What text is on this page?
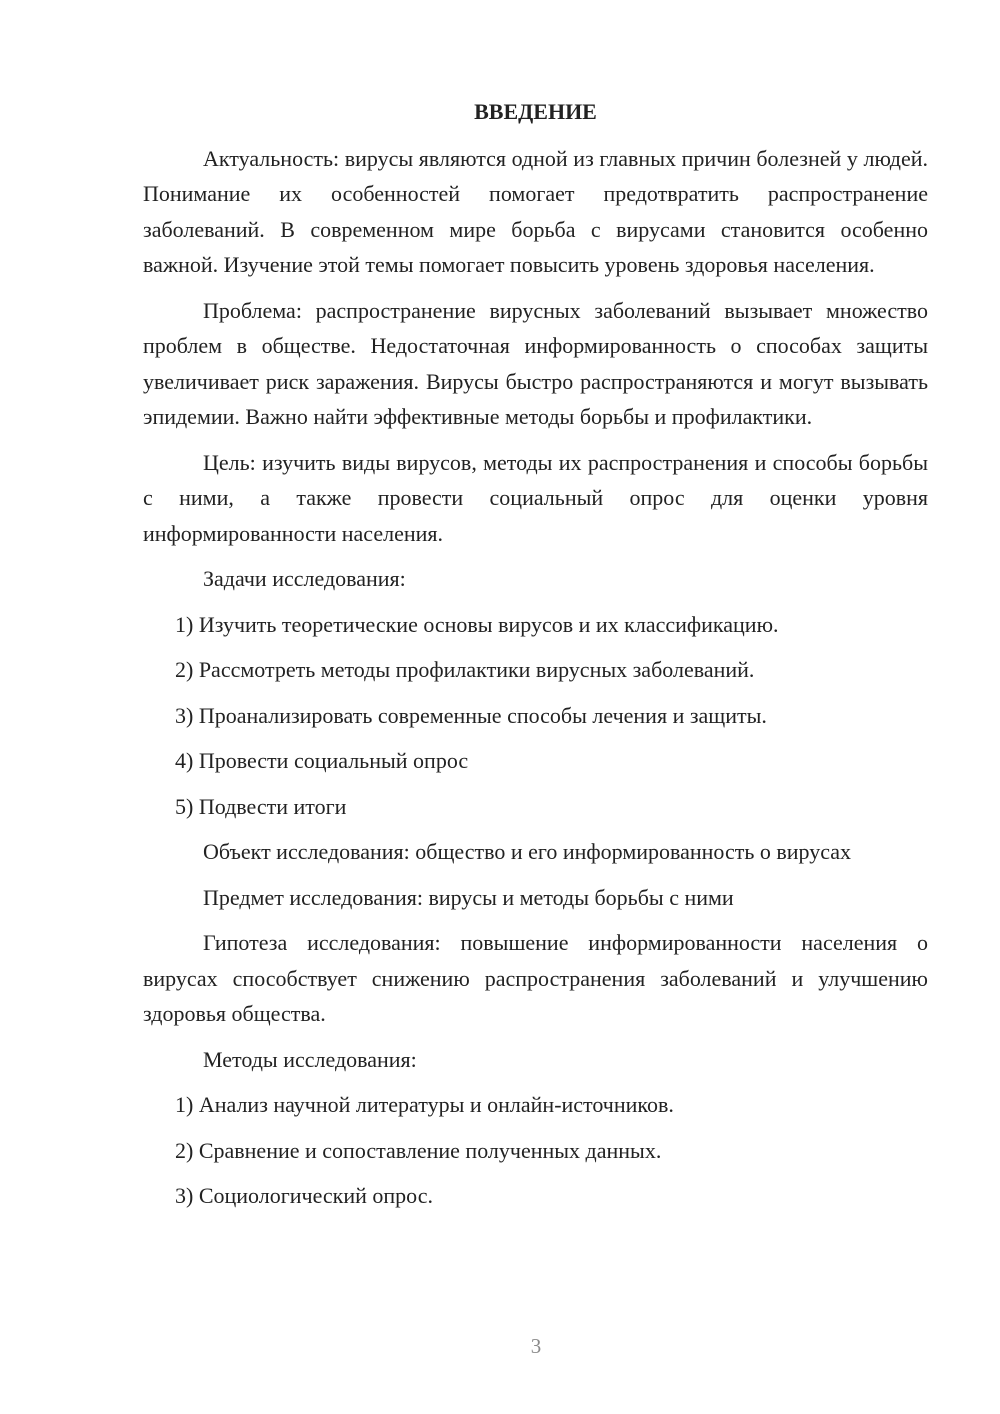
ВВЕДЕНИЕ

Актуальность: вирусы являются одной из главных причин болезней у людей. Понимание их особенностей помогает предотвратить распространение заболеваний. В современном мире борьба с вирусами становится особенно важной. Изучение этой темы помогает повысить уровень здоровья населения.

Проблема: распространение вирусных заболеваний вызывает множество проблем в обществе. Недостаточная информированность о способах защиты увеличивает риск заражения. Вирусы быстро распространяются и могут вызывать эпидемии. Важно найти эффективные методы борьбы и профилактики.

Цель: изучить виды вирусов, методы их распространения и способы борьбы с ними, а также провести социальный опрос для оценки уровня информированности населения.

Задачи исследования:

1) Изучить теоретические основы вирусов и их классификацию.

2) Рассмотреть методы профилактики вирусных заболеваний.

3) Проанализировать современные способы лечения и защиты.

4) Провести социальный опрос

5) Подвести итоги

Объект исследования: общество и его информированность о вирусах

Предмет исследования: вирусы и методы борьбы с ними

Гипотеза исследования: повышение информированности населения о вирусах способствует снижению распространения заболеваний и улучшению здоровья общества.

Методы исследования:

1) Анализ научной литературы и онлайн-источников.

2) Сравнение и сопоставление полученных данных.

3) Социологический опрос.

3
